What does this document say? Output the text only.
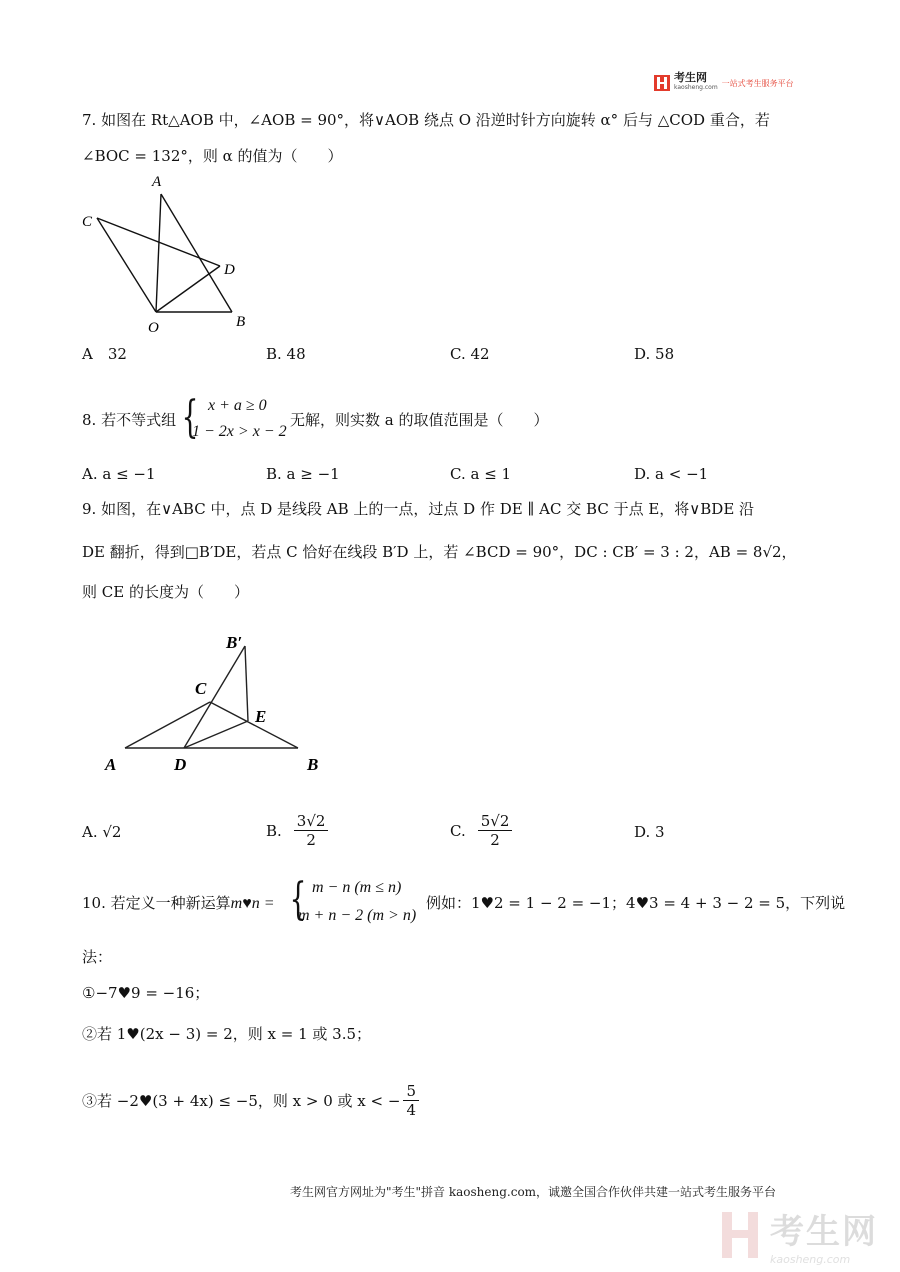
考生网
kaosheng.com 一站式考生服务平台
7. 如图在 Rt△AOB 中，∠AOB = 90°，将∨AOB 绕点 O 沿逆时针方向旋转 α° 后与 △COD 重合，若
∠BOC = 132°，则 α 的值为（　　）
A
C
D
O	B
A　32	B. 48	C. 42	D. 58
8. 若不等式组 { x + a ≥ 0
1 − 2x > x − 2
无解，则实数 a 的取值范围是（　　）
A. a ≤ −1	B. a ≥ −1	C. a ≤ 1	D. a < −1
9. 如图，在∨ABC 中，点 D 是线段 AB 上的一点，过点 D 作 DE ∥ AC 交 BC 于点 E，将∨BDE 沿
DE 翻折，得到□B′DE，若点 C 恰好在线段 B′D 上，若 ∠BCD = 90°，DC : CB′ = 3 : 2，AB = 8√2，
则 CE 的长度为（　　）
B′
C
E
A	D	B
A. √2	B. $\frac{3√2}{2}$	C. $\frac{5√2}{2}$	D. 3
10. 若定义一种新运算m♥n = { m − n (m ≤ n)
m + n − 2 (m > n)
例如：1♥2 = 1 − 2 = −1；4♥3 = 4 + 3 − 2 = 5，下列说
法：
①−7♥9 = −16；
②若 1♥(2x − 3) = 2，则 x = 1 或 3.5；
③若 −2♥(3 + 4x) ≤ −5，则 x > 0 或 x < − $\frac{5}{4}$
考生网官方网址为"考生"拼音 kaosheng.com，诚邀全国合作伙伴共建一站式考生服务平台
考生网
kaosheng.com
